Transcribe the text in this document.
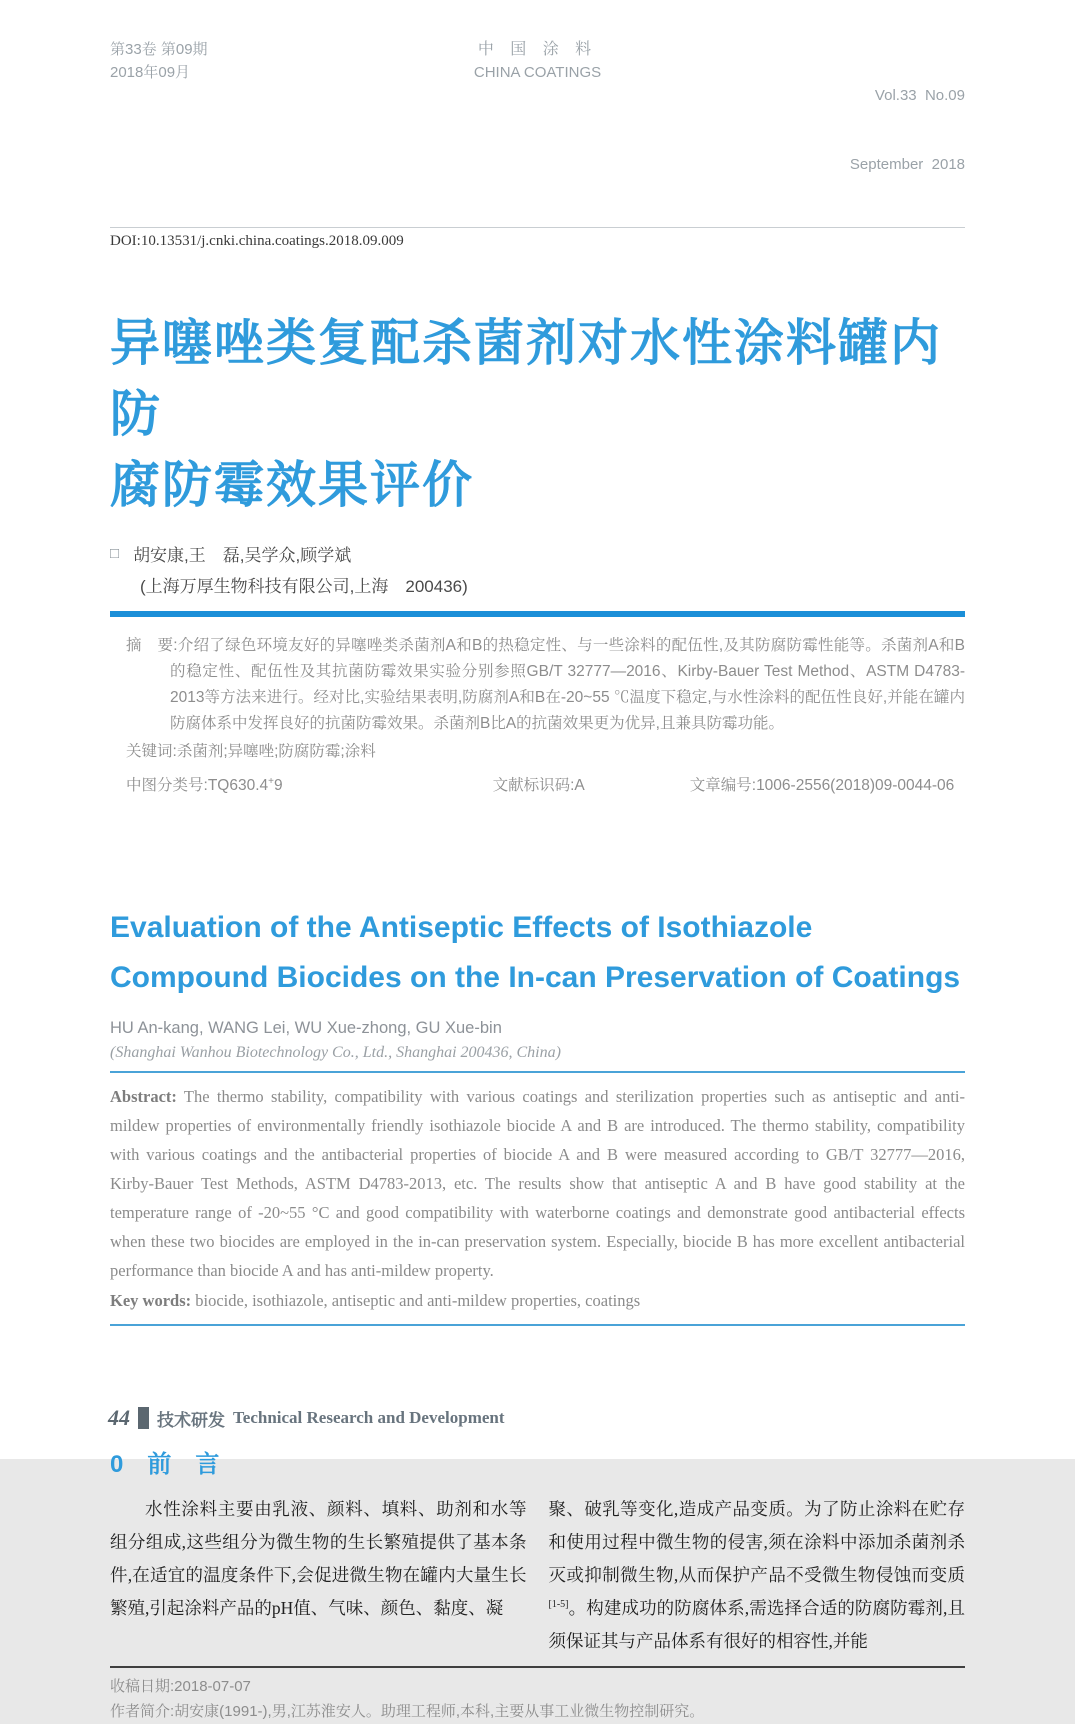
第33卷 第09期
2018年09月
中 国 涂 料
CHINA COATINGS

Vol.33  No.09

September  2018

DOI:10.13531/j.cnki.china.coatings.2018.09.009
异噻唑类复配杀菌剂对水性涂料罐内防
腐防霉效果评价
□ 胡安康,王　磊,吴学众,顾学斌
(上海万厚生物科技有限公司,上海　200436)

摘　要:介绍了绿色环境友好的异噻唑类杀菌剂A和B的热稳定性、与一些涂料的配伍性,及其防腐防霉性能等。杀菌剂A和B的稳定性、配伍性及其抗菌防霉效果实验分别参照GB/T 32777—2016、Kirby-Bauer Test Method、ASTM D4783-2013等方法来进行。经对比,实验结果表明,防腐剂A和B在-20~55 ℃温度下稳定,与水性涂料的配伍性良好,并能在罐内防腐体系中发挥良好的抗菌防霉效果。杀菌剂B比A的抗菌效果更为优异,且兼具防霉功能。

关键词:杀菌剂;异噻唑;防腐防霉;涂料

中图分类号:TQ630.4+9	文献标识码:A	文章编号:1006-2556(2018)09-0044-06
Evaluation of the Antiseptic Effects of Isothiazole
Compound Biocides on the In-can Preservation of Coatings
HU An-kang, WANG Lei, WU Xue-zhong, GU Xue-bin
(Shanghai Wanhou Biotechnology Co., Ltd., Shanghai 200436, China)

Abstract: The thermo stability, compatibility with various coatings and sterilization properties such as antiseptic and anti-mildew properties of environmentally friendly isothiazole biocide A and B are introduced. The thermo stability, compatibility with various coatings and the antibacterial properties of biocide A and B were measured according to GB/T 32777—2016, Kirby-Bauer Test Methods, ASTM D4783-2013, etc. The results show that antiseptic A and B have good stability at the temperature range of -20~55 °C and good compatibility with waterborne coatings and demonstrate good antibacterial effects when these two biocides are employed in the in-can preservation system. Especially, biocide B has more excellent antibacterial performance than biocide A and has anti-mildew property.

Key words: biocide, isothiazole, antiseptic and anti-mildew properties, coatings

0　前　言

水性涂料主要由乳液、颜料、填料、助剂和水等组分组成,这些组分为微生物的生长繁殖提供了基本条件,在适宜的温度条件下,会促进微生物在罐内大量生长繁殖,引起涂料产品的pH值、气味、颜色、黏度、凝

聚、破乳等变化,造成产品变质。为了防止涂料在贮存和使用过程中微生物的侵害,须在涂料中添加杀菌剂杀灭或抑制微生物,从而保护产品不受微生物侵蚀而变质[1-5]。构建成功的防腐体系,需选择合适的防腐防霉剂,且须保证其与产品体系有很好的相容性,并能

收稿日期:2018-07-07
作者简介:胡安康(1991-),男,江苏淮安人。助理工程师,本科,主要从事工业微生物控制研究。
44 技术研发 Technical Research and Development
